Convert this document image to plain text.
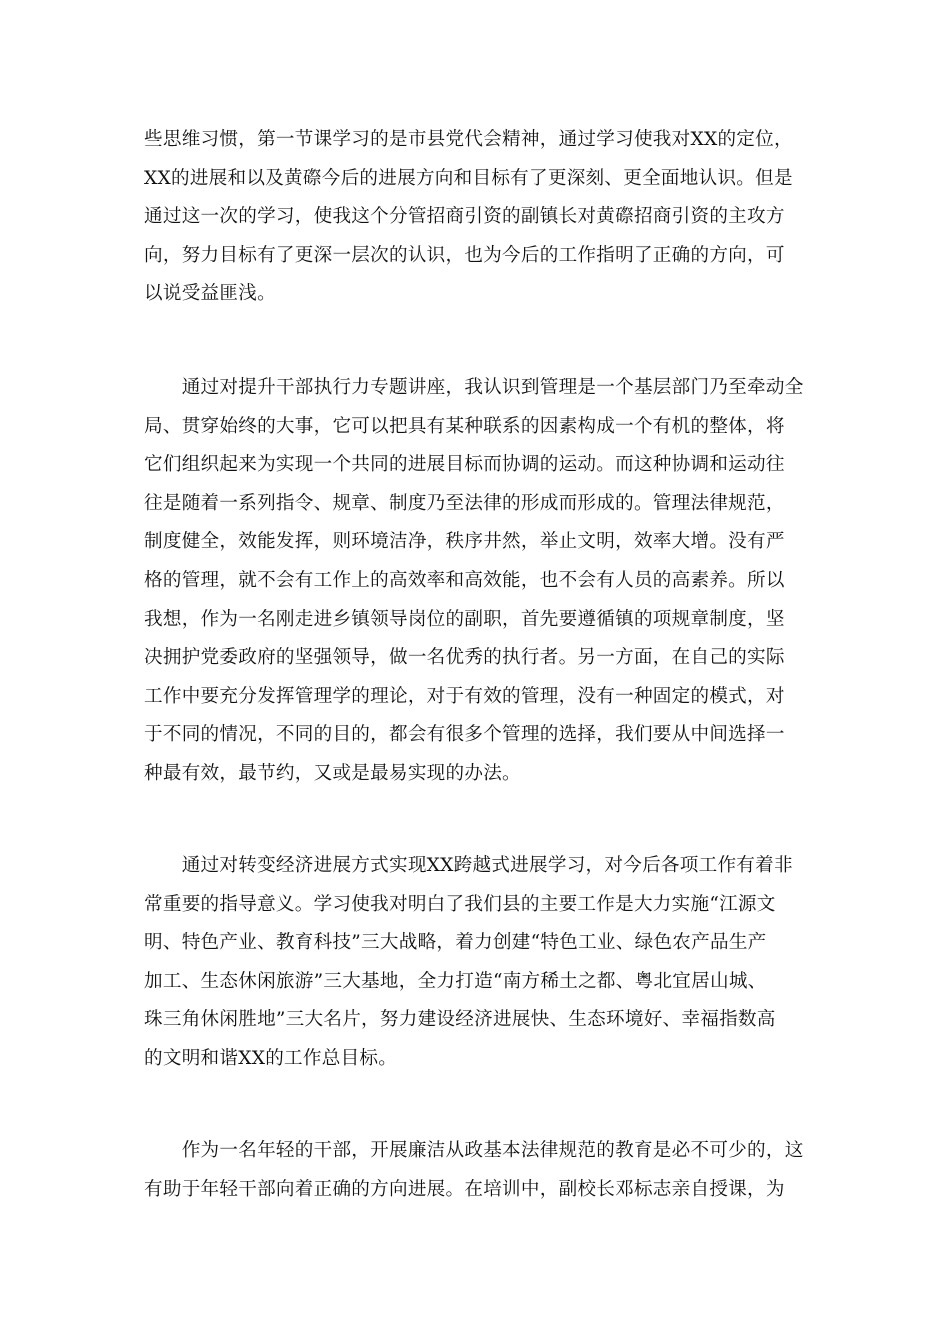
些思维习惯，第一节课学习的是市县党代会精神，通过学习使我对XX的定位，
XX的进展和以及黄磜今后的进展方向和目标有了更深刻、更全面地认识。但是
通过这一次的学习，使我这个分管招商引资的副镇长对黄磜招商引资的主攻方
向，努力目标有了更深一层次的认识，也为今后的工作指明了正确的方向，可
以说受益匪浅。
　　通过对提升干部执行力专题讲座，我认识到管理是一个基层部门乃至牵动全
局、贯穿始终的大事，它可以把具有某种联系的因素构成一个有机的整体，将
它们组织起来为实现一个共同的进展目标而协调的运动。而这种协调和运动往
往是随着一系列指令、规章、制度乃至法律的形成而形成的。管理法律规范，
制度健全，效能发挥，则环境洁净，秩序井然，举止文明，效率大增。没有严
格的管理，就不会有工作上的高效率和高效能，也不会有人员的高素养。所以
我想，作为一名刚走进乡镇领导岗位的副职，首先要遵循镇的项规章制度，坚
决拥护党委政府的坚强领导，做一名优秀的执行者。另一方面，在自己的实际
工作中要充分发挥管理学的理论，对于有效的管理，没有一种固定的模式，对
于不同的情况，不同的目的，都会有很多个管理的选择，我们要从中间选择一
种最有效，最节约，又或是最易实现的办法。
　　通过对转变经济进展方式实现XX跨越式进展学习，对今后各项工作有着非
常重要的指导意义。学习使我对明白了我们县的主要工作是大力实施“江源文
明、特色产业、教育科技”三大战略，着力创建“特色工业、绿色农产品生产
加工、生态休闲旅游”三大基地，全力打造“南方稀土之都、粤北宜居山城、
珠三角休闲胜地”三大名片，努力建设经济进展快、生态环境好、幸福指数高
的文明和谐XX的工作总目标。
　　作为一名年轻的干部，开展廉洁从政基本法律规范的教育是必不可少的，这
有助于年轻干部向着正确的方向进展。在培训中，副校长邓标志亲自授课，为
